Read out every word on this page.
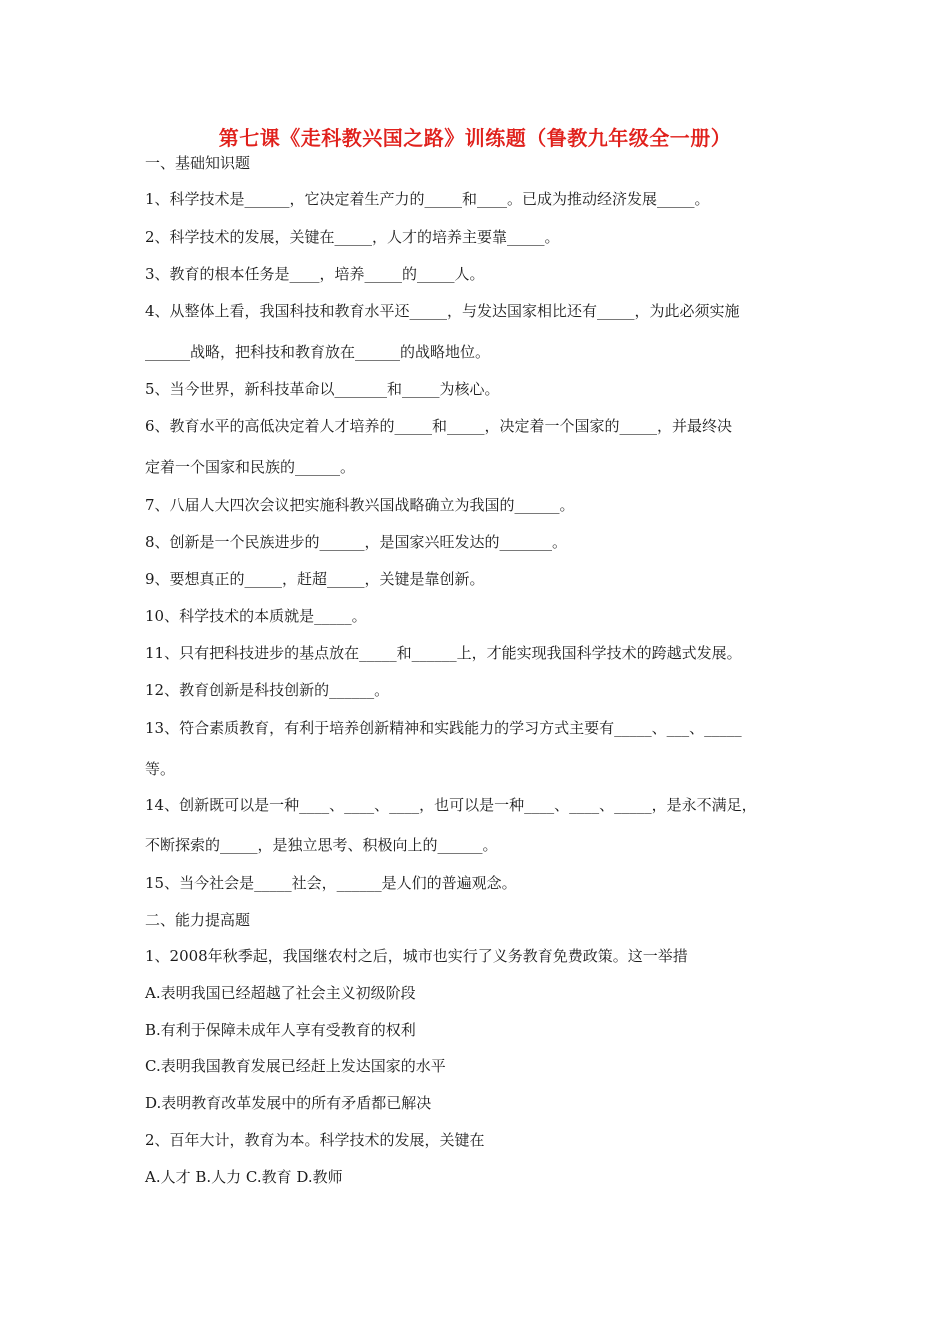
第七课《走科教兴国之路》训练题（鲁教九年级全一册）
一、基础知识题
1、科学技术是______，它决定着生产力的_____和____。已成为推动经济发展_____。
2、科学技术的发展，关键在_____，人才的培养主要靠_____。
3、教育的根本任务是____，培养_____的_____人。
4、从整体上看，我国科技和教育水平还_____，与发达国家相比还有_____，为此必须实施
______战略，把科技和教育放在______的战略地位。
5、当今世界，新科技革命以_______和_____为核心。
6、教育水平的高低决定着人才培养的_____和_____，决定着一个国家的_____，并最终决
定着一个国家和民族的______。
7、八届人大四次会议把实施科教兴国战略确立为我国的______。
8、创新是一个民族进步的______，是国家兴旺发达的_______。
9、要想真正的_____，赶超_____，关键是靠创新。
10、科学技术的本质就是_____。
11、只有把科技进步的基点放在_____和______上，才能实现我国科学技术的跨越式发展。
12、教育创新是科技创新的______。
13、符合素质教育，有利于培养创新精神和实践能力的学习方式主要有_____、___、_____
等。
14、创新既可以是一种____、____、____，也可以是一种____、____、_____，是永不满足，
不断探索的_____，是独立思考、积极向上的______。
15、当今社会是_____社会，______是人们的普遍观念。
二、能力提高题
1、2008年秋季起，我国继农村之后，城市也实行了义务教育免费政策。这一举措
A.表明我国已经超越了社会主义初级阶段
B.有利于保障未成年人享有受教育的权利
C.表明我国教育发展已经赶上发达国家的水平
D.表明教育改革发展中的所有矛盾都已解决
2、百年大计，教育为本。科学技术的发展，关键在
A.人才 B.人力 C.教育 D.教师
